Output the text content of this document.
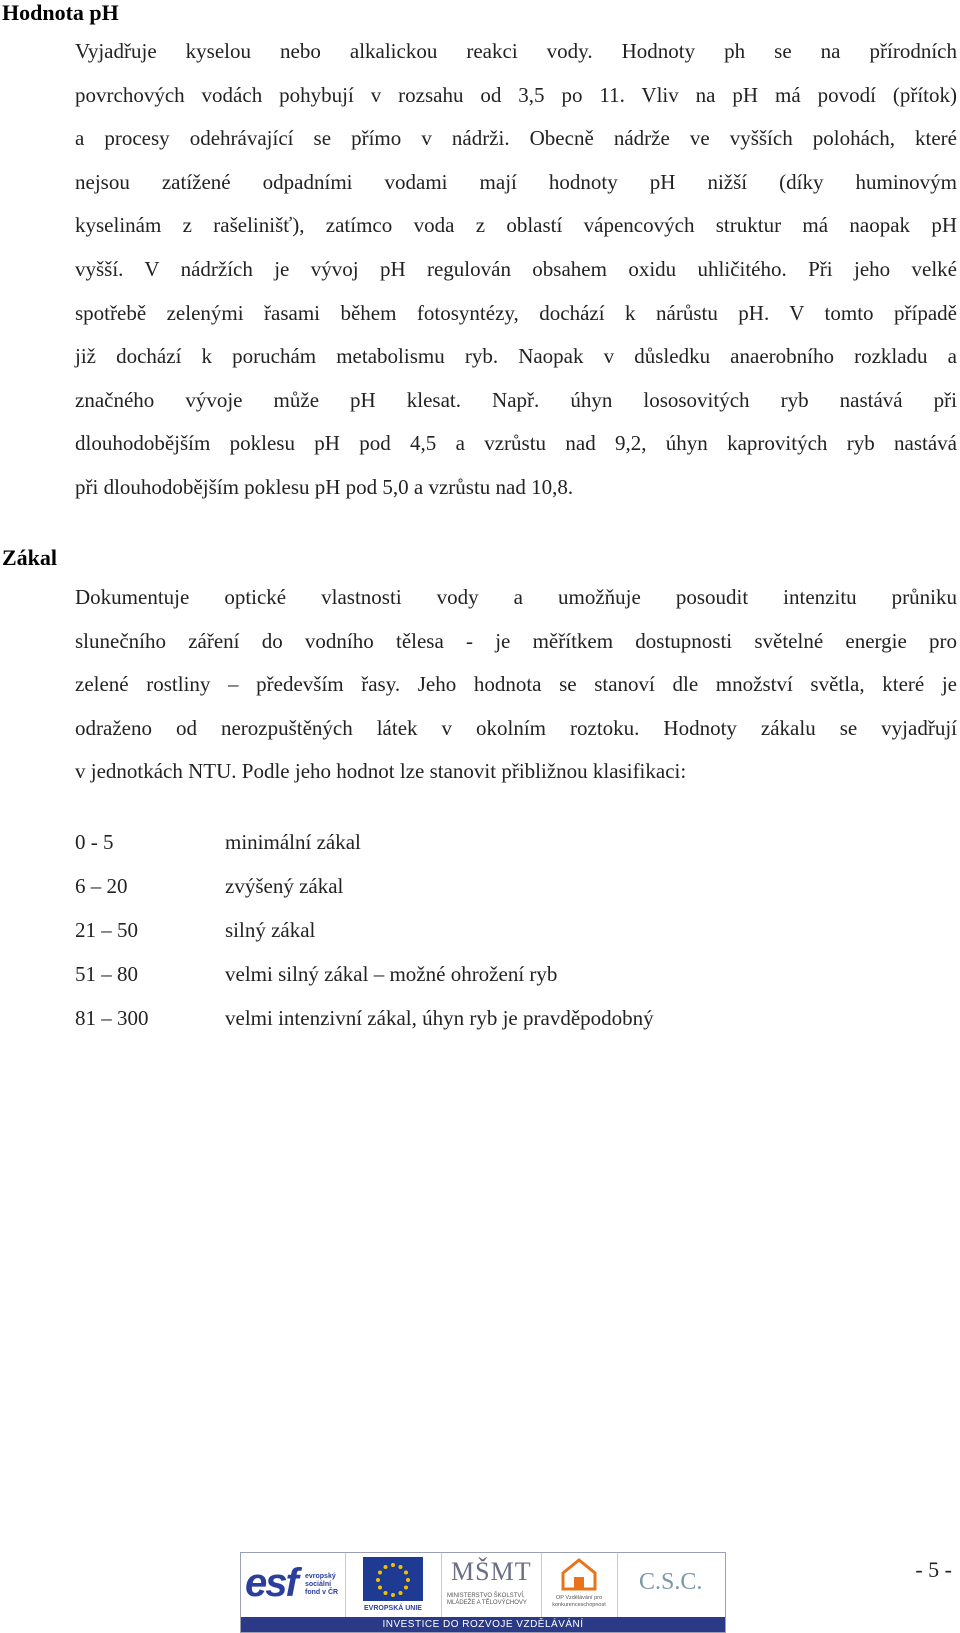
Hodnota pH
Vyjadřuje kyselou nebo alkalickou reakci vody. Hodnoty ph se na přírodních
povrchových vodách pohybují v rozsahu od 3,5 po 11. Vliv na pH má povodí (přítok)
a procesy odehrávající se přímo v nádrži. Obecně nádrže ve vyšších polohách, které
nejsou zatížené odpadními vodami mají hodnoty pH nižší (díky huminovým
kyselinám z rašelinišť), zatímco voda z oblastí vápencových struktur má naopak pH
vyšší. V nádržích je vývoj pH regulován obsahem oxidu uhličitého. Při jeho velké
spotřebě zelenými řasami během fotosyntézy, dochází k nárůstu pH. V tomto případě
již dochází k poruchám metabolismu ryb. Naopak v důsledku anaerobního rozkladu a
značného vývoje může pH klesat. Např. úhyn lososovitých ryb nastává při
dlouhodobějším poklesu pH pod 4,5 a vzrůstu nad 9,2, úhyn kaprovitých ryb nastává
při dlouhodobějším poklesu pH pod 5,0 a vzrůstu nad 10,8.
Zákal
Dokumentuje optické vlastnosti vody a umožňuje posoudit intenzitu průniku
slunečního záření do vodního tělesa - je měřítkem dostupnosti světelné energie pro
zelené rostliny – především řasy. Jeho hodnota se stanoví dle množství světla, které je
odraženo od nerozpuštěných látek v okolním roztoku. Hodnoty zákalu se vyjadřují
v jednotkách NTU. Podle jeho hodnot lze stanovit přibližnou klasifikaci:
0 - 5	minimální zákal
6 – 20	zvýšený zákal
21 – 50	silný zákal
51 – 80	velmi silný zákal – možné ohrožení ryb
81 – 300	velmi intenzivní zákal, úhyn ryb je pravděpodobný
esf evropský
sociální
fond v ČR
EVROPSKÁ UNIE
MŠMT
MINISTERSTVO ŠKOLSTVÍ, MLÁDEŽE A TĚLOVÝCHOVY
OP Vzdělávání pro konkurenceschopnost
C.S.C.
INVESTICE DO ROZVOJE VZDĚLÁVÁNÍ
- 5 -
